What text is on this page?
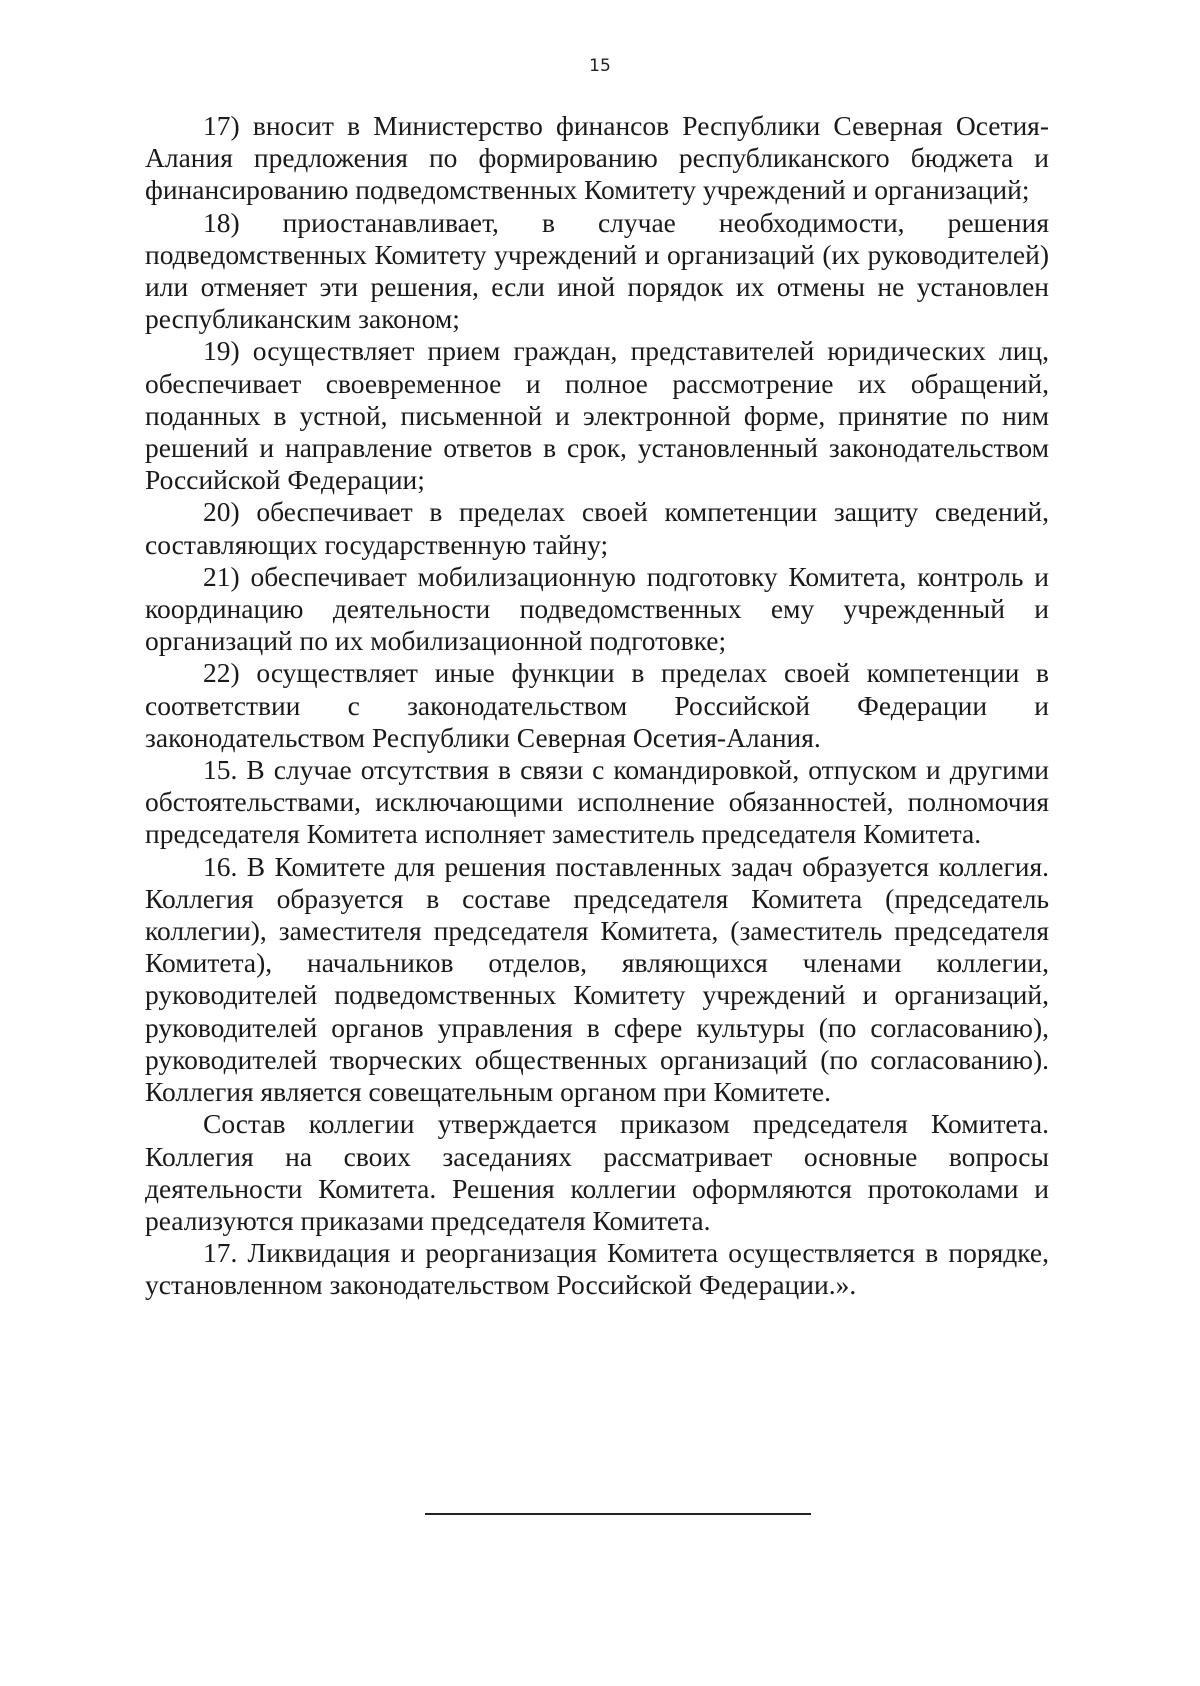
15

17) вносит в Министерство финансов Республики Северная Осетия-Алания предложения по формированию республиканского бюджета и финансированию подведомственных Комитету учреждений и организаций;

18) приостанавливает, в случае необходимости, решения подведомственных Комитету учреждений и организаций (их руководителей) или отменяет эти решения, если иной порядок их отмены не установлен республиканским законом;

19) осуществляет прием граждан, представителей юридических лиц, обеспечивает своевременное и полное рассмотрение их обращений, поданных в устной, письменной и электронной форме, принятие по ним решений и направление ответов в срок, установленный законодательством Российской Федерации;

20) обеспечивает в пределах своей компетенции защиту сведений, составляющих государственную тайну;

21) обеспечивает мобилизационную подготовку Комитета, контроль и координацию деятельности подведомственных ему учрежденный и организаций по их мобилизационной подготовке;

22) осуществляет иные функции в пределах своей компетенции в соответствии с законодательством Российской Федерации и законодательством Республики Северная Осетия-Алания.

15. В случае отсутствия в связи с командировкой, отпуском и другими обстоятельствами, исключающими исполнение обязанностей, полномочия председателя Комитета исполняет заместитель председателя Комитета.

16. В Комитете для решения поставленных задач образуется коллегия. Коллегия образуется в составе председателя Комитета (председатель коллегии), заместителя председателя Комитета, (заместитель председателя Комитета), начальников отделов, являющихся членами коллегии, руководителей подведомственных Комитету учреждений и организаций, руководителей органов управления в сфере культуры (по согласованию), руководителей творческих общественных организаций (по согласованию). Коллегия является совещательным органом при Комитете.

Состав коллегии утверждается приказом председателя Комитета. Коллегия на своих заседаниях рассматривает основные вопросы деятельности Комитета. Решения коллегии оформляются протоколами и реализуются приказами председателя Комитета.

17. Ликвидация и реорганизация Комитета осуществляется в порядке, установленном законодательством Российской Федерации.».
